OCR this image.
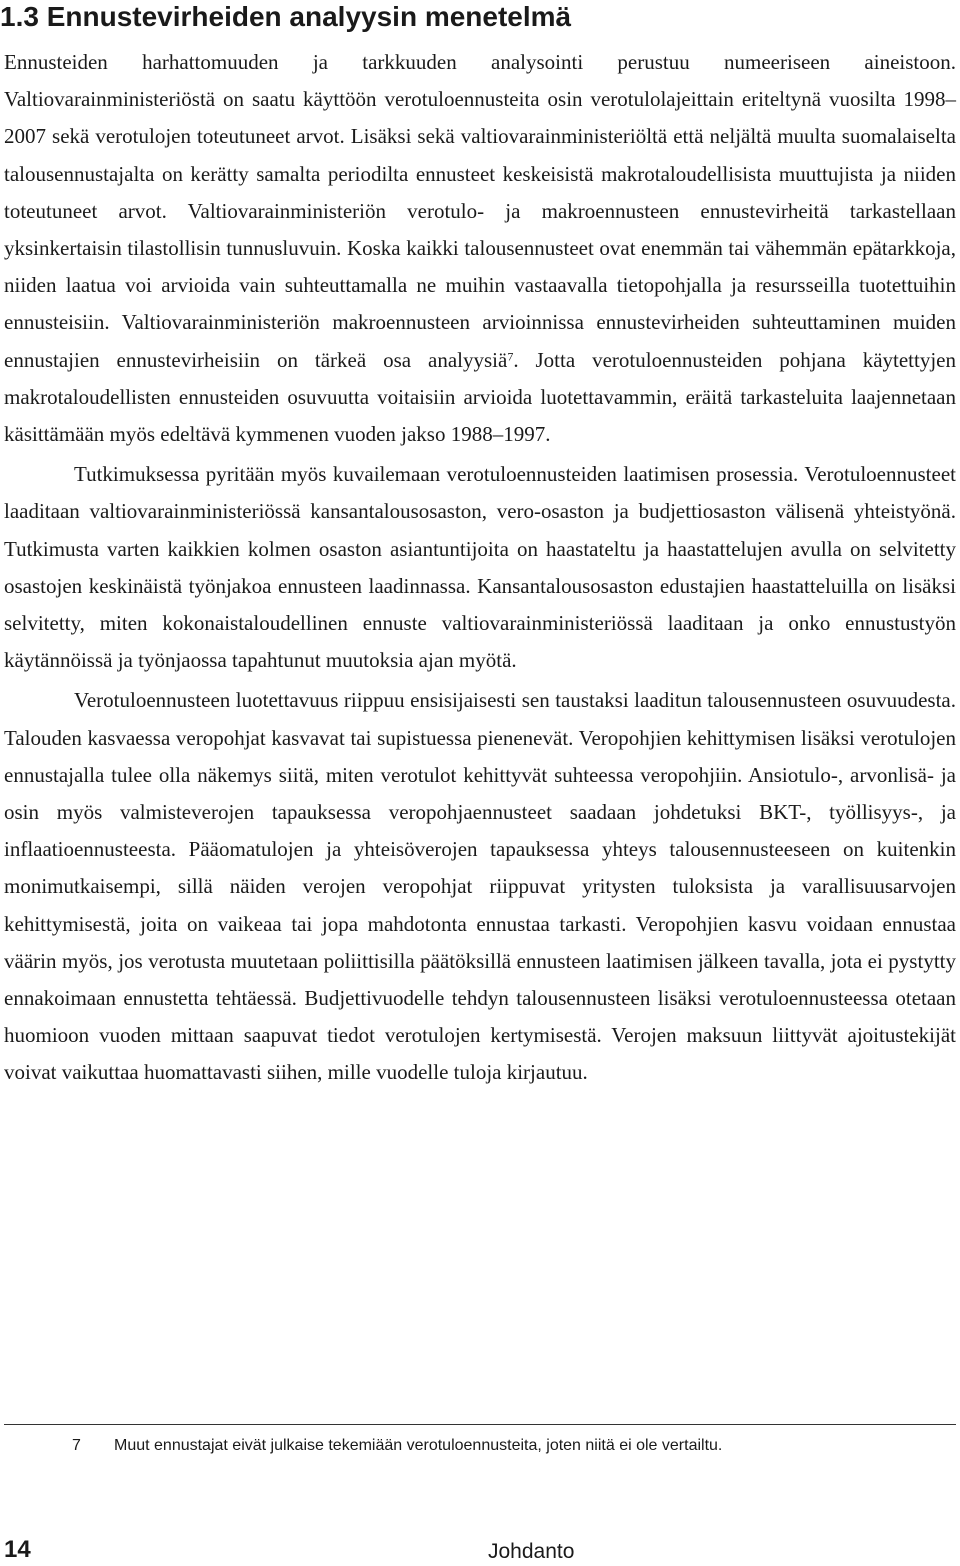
1.3 Ennustevirheiden analyysin menetelmä

Ennusteiden harhattomuuden ja tarkkuuden analysointi perustuu numeeriseen aineistoon. Valtiovarainministeriöstä on saatu käyttöön verotuloennusteita osin verotulolajeittain eriteltynä vuosilta 1998–2007 sekä verotulojen toteutuneet arvot. Lisäksi sekä valtiovarainministeriöltä että neljältä muulta suomalaiselta talousennustajalta on kerätty samalta periodilta ennusteet keskeisistä makrotaloudellisista muuttujista ja niiden toteutuneet arvot. Valtiovarainministeriön verotulo- ja makroennusteen ennustevirheitä tarkastellaan yksinkertaisin tilastollisin tunnusluvuin. Koska kaikki talousennusteet ovat enemmän tai vähemmän epätarkkoja, niiden laatua voi arvioida vain suhteuttamalla ne muihin vastaavalla tietopohjalla ja resursseilla tuotettuihin ennusteisiin. Valtiovarainministeriön makroennusteen arvioinnissa ennustevirheiden suhteuttaminen muiden ennustajien ennustevirheisiin on tärkeä osa analyysiä$^7$. Jotta verotuloennusteiden pohjana käytettyjen makrotaloudellisten ennusteiden osuvuutta voitaisiin arvioida luotettavammin, eräitä tarkasteluita laajennetaan käsittämään myös edeltävä kymmenen vuoden jakso 1988–1997.

Tutkimuksessa pyritään myös kuvailemaan verotuloennusteiden laatimisen prosessia. Verotuloennusteet laaditaan valtiovarainministeriössä kansantalousosaston, vero-osaston ja budjettiosaston välisenä yhteistyönä. Tutkimusta varten kaikkien kolmen osaston asiantuntijoita on haastateltu ja haastattelujen avulla on selvitetty osastojen keskinäistä työnjakoa ennusteen laadinnassa. Kansantalousosaston edustajien haastatteluilla on lisäksi selvitetty, miten kokonaistaloudellinen ennuste valtiovarainministeriössä laaditaan ja onko ennustustyön käytännöissä ja työnjaossa tapahtunut muutoksia ajan myötä.

Verotuloennusteen luotettavuus riippuu ensisijaisesti sen taustaksi laaditun talousennusteen osuvuudesta. Talouden kasvaessa veropohjat kasvavat tai supistuessa pienenevät. Veropohjien kehittymisen lisäksi verotulojen ennustajalla tulee olla näkemys siitä, miten verotulot kehittyvät suhteessa veropohjiin. Ansiotulo-, arvonlisä- ja osin myös valmisteverojen tapauksessa veropohjaennusteet saadaan johdetuksi BKT-, työllisyys-, ja inflaatioennusteesta. Pääomatulojen ja yhteisöverojen tapauksessa yhteys talousennusteeseen on kuitenkin monimutkaisempi, sillä näiden verojen veropohjat riippuvat yritysten tuloksista ja varallisuusarvojen kehittymisestä, joita on vaikeaa tai jopa mahdotonta ennustaa tarkasti. Veropohjien kasvu voidaan ennustaa väärin myös, jos verotusta muutetaan poliittisilla päätöksillä ennusteen laatimisen jälkeen tavalla, jota ei pystytty ennakoimaan ennustetta tehtäessä. Budjettivuodelle tehdyn talousennusteen lisäksi verotuloennusteessa otetaan huomioon vuoden mittaan saapuvat tiedot verotulojen kertymisestä. Verojen maksuun liittyvät ajoitustekijät voivat vaikuttaa huomattavasti siihen, mille vuodelle tuloja kirjautuu.

7 Muut ennustajat eivät julkaise tekemiään verotuloennusteita, joten niitä ei ole vertailtu.
14	Johdanto
